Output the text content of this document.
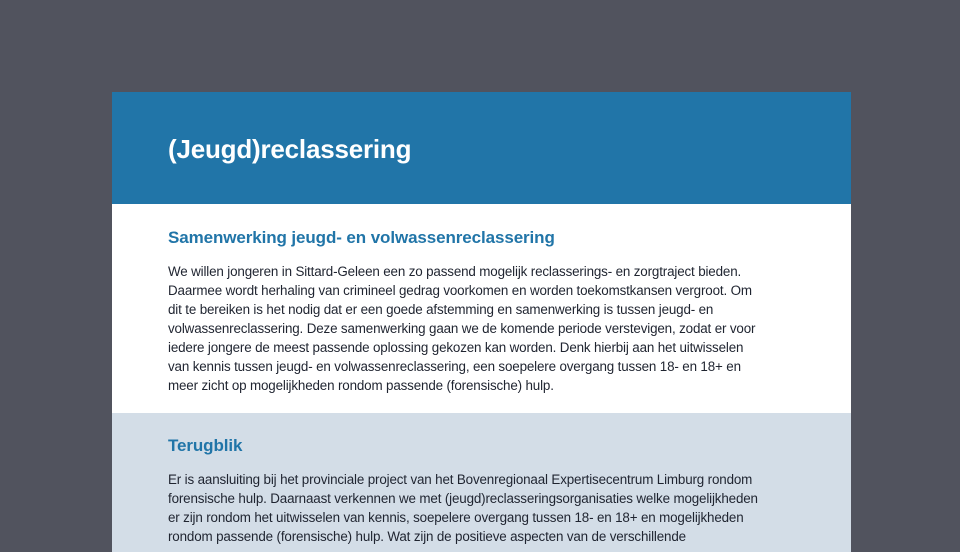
(Jeugd)reclassering
Samenwerking jeugd- en volwassenreclassering

We willen jongeren in Sittard-Geleen een zo passend mogelijk reclasserings- en zorgtraject bieden.
Daarmee wordt herhaling van crimineel gedrag voorkomen en worden toekomstkansen vergroot. Om
dit te bereiken is het nodig dat er een goede afstemming en samenwerking is tussen jeugd- en
volwassenreclassering. Deze samenwerking gaan we de komende periode verstevigen, zodat er voor
iedere jongere de meest passende oplossing gekozen kan worden. Denk hierbij aan het uitwisselen
van kennis tussen jeugd- en volwassenreclassering, een soepelere overgang tussen 18- en 18+ en
meer zicht op mogelijkheden rondom passende (forensische) hulp.

Terugblik

Er is aansluiting bij het provinciale project van het Bovenregionaal Expertisecentrum Limburg rondom
forensische hulp. Daarnaast verkennen we met (jeugd)reclasseringsorganisaties welke mogelijkheden
er zijn rondom het uitwisselen van kennis, soepelere overgang tussen 18- en 18+ en mogelijkheden
rondom passende (forensische) hulp. Wat zijn de positieve aspecten van de verschillende
